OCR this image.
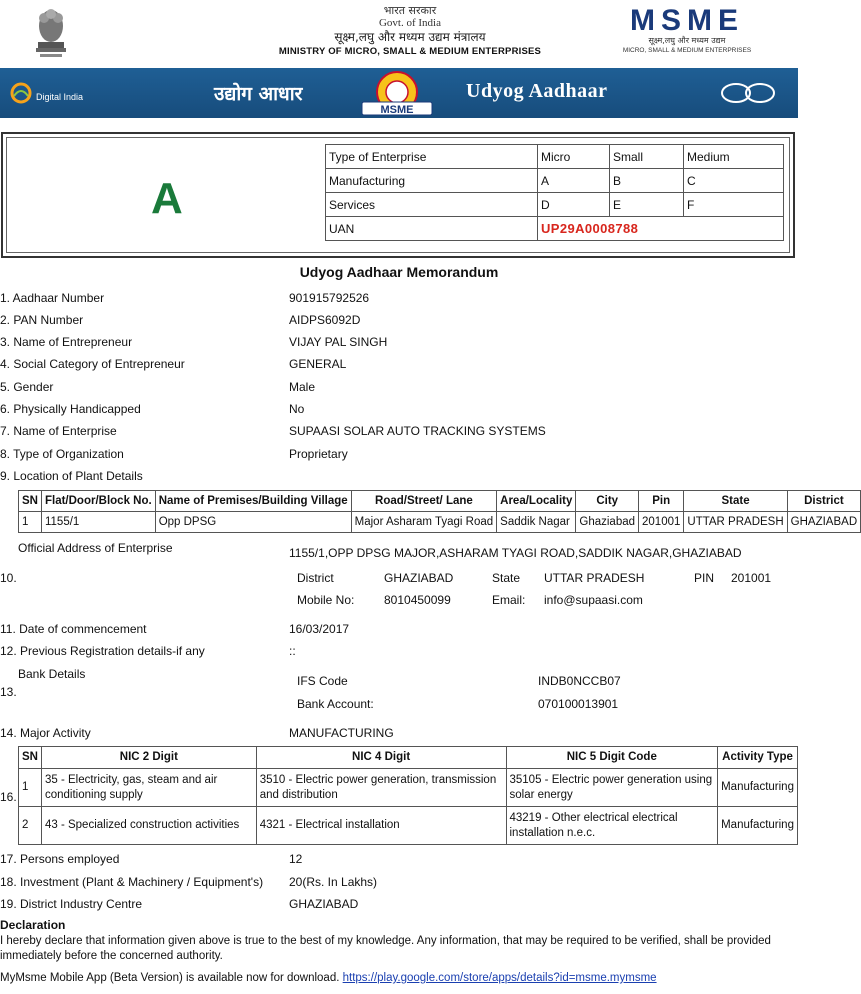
भारत सरकार
Govt. of India
सूक्ष्म,लघु और मध्यम उद्यम मंत्रालय
MINISTRY OF MICRO, SMALL & MEDIUM ENTERPRISES
MSME
सूक्ष्म,लघु और मध्यम उद्यम
MICRO, SMALL & MEDIUM ENTERPRISES
Digital India	उद्योग आधार
MSME
Udyog Aadhaar
A
Type of Enterprise	Micro	Small	Medium
Manufacturing	A	B	C
Services	D	E	F
UAN	UP29A0008788		
Udyog Aadhaar Memorandum
1. Aadhaar Number	901915792526
2. PAN Number	AIDPS6092D
3. Name of Entrepreneur	VIJAY PAL SINGH
4. Social Category of Entrepreneur	GENERAL
5. Gender	Male
6. Physically Handicapped	No
7. Name of Enterprise	SUPAASI SOLAR AUTO TRACKING SYSTEMS
8. Type of Organization	Proprietary
9. Location of Plant Details
SN	Flat/Door/Block No.	Name of Premises/Building Village	Road/Street/ Lane	Area/Locality	City	Pin	State	District
1	1155/1	Opp DPSG	Major Asharam Tyagi Road	Saddik Nagar	Ghaziabad	201001	UTTAR PRADESH	GHAZIABAD
Official Address of Enterprise	1155/1,OPP DPSG MAJOR,ASHARAM TYAGI ROAD,SADDIK NAGAR,GHAZIABAD
10.	District	GHAZIABAD	State UTTAR PRADESH	PIN 201001
Mobile No: 8010450099	Email: info@supaasi.com
11. Date of commencement	16/03/2017
12. Previous Registration details-if any	::
Bank Details	IFS Code	INDB0NCCB07
13.
Bank Account:	070100013901
14. Major Activity	MANUFACTURING
16.
SN	NIC 2 Digit	NIC 4 Digit	NIC 5 Digit Code	Activity Type
1	35 - Electricity, gas, steam and air conditioning supply	3510 - Electric power generation, transmission and distribution	35105 - Electric power generation using solar energy	Manufacturing
2	43 - Specialized construction activities	4321 - Electrical installation	43219 - Other electrical electrical installation n.e.c.	Manufacturing
17. Persons employed	12
18. Investment (Plant & Machinery / Equipment's) 20(Rs. In Lakhs)
19. District Industry Centre	GHAZIABAD
Declaration
I hereby declare that information given above is true to the best of my knowledge. Any information, that may be required to be verified, shall be provided immediately before the concerned authority.
MyMsme Mobile App (Beta Version) is available now for download. https://play.google.com/store/apps/details?id=msme.mymsme
